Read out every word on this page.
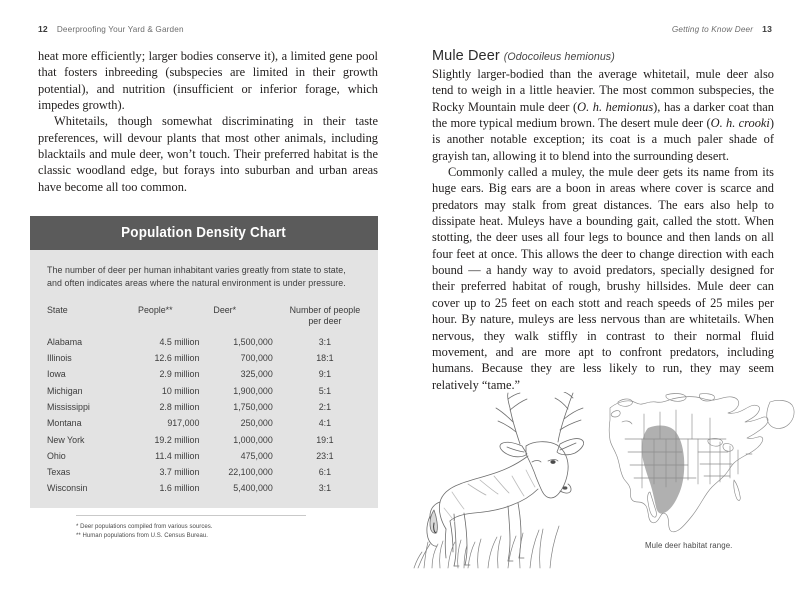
12 Deerproofing Your Yard & Garden	Getting to Know Deer 13

heat more efficiently; larger bodies conserve it), a limited gene pool that fosters inbreeding (subspecies are limited in their growth potential), and nutrition (insufficient or inferior forage, which impedes growth).

Whitetails, though somewhat discriminating in their taste preferences, will devour plants that most other animals, including blacktails and mule deer, won’t touch. Their preferred habitat is the classic woodland edge, but forays into suburban and urban areas have become all too common.

Mule Deer (Odocoileus hemionus)

Slightly larger-bodied than the average whitetail, mule deer also tend to weigh in a little heavier. The most common subspecies, the Rocky Mountain mule deer (O. h. hemionus), has a darker coat than the more typical medium brown. The desert mule deer (O. h. crooki) is another notable exception; its coat is a much paler shade of grayish tan, allowing it to blend into the surrounding desert.

Commonly called a muley, the mule deer gets its name from its huge ears. Big ears are a boon in areas where cover is scarce and predators may stalk from great distances. The ears also help to dissipate heat. Muleys have a bounding gait, called the stott. When stotting, the deer uses all four legs to bounce and then lands on all four feet at once. This allows the deer to change direction with each bound — a handy way to avoid predators, specially designed for their preferred habitat of rough, brushy hillsides. Mule deer can cover up to 25 feet on each stott and reach speeds of 25 miles per hour. By nature, muleys are less nervous than are whitetails. When nervous, they walk stiffly in contrast to their normal fluid movement, and are more apt to confront predators, including humans. Because they are less likely to run, they may seem relatively “tame.”

Population Density Chart

The number of deer per human inhabitant varies greatly from state to state, and often indicates areas where the natural environment is under pressure.

State	People**	Deer*	Number of people
per deer
Alabama	4.5 million	1,500,000	3:1
Illinois	12.6 million	700,000	18:1
Iowa	2.9 million	325,000	9:1
Michigan	10 million	1,900,000	5:1
Mississippi	2.8 million	1,750,000	2:1
Montana	917,000	250,000	4:1
New York	19.2 million	1,000,000	19:1
Ohio	11.4 million	475,000	23:1
Texas	3.7 million	22,100,000	6:1
Wisconsin	1.6 million	5,400,000	3:1
* Deer populations compiled from various sources.
** Human populations from U.S. Census Bureau.
Mule deer habitat range.
